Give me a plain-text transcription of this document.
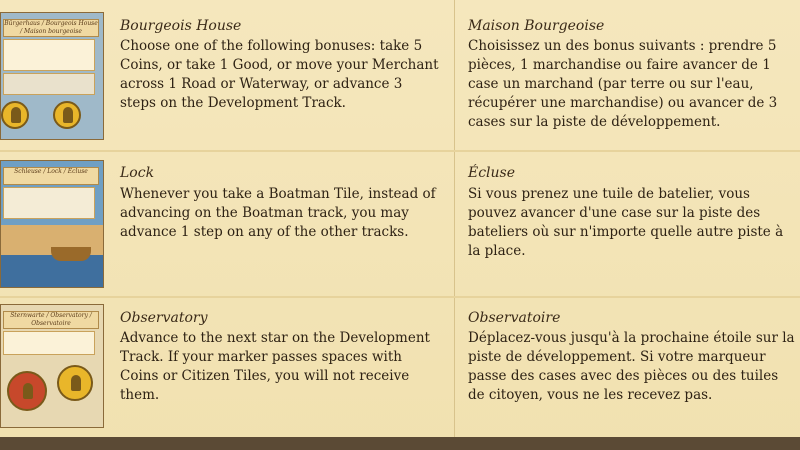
Bürgerhaus / Bourgeois House / Maison bourgeoise	Bourgeois House
Choose one of the following bonuses: take 5 Coins, or take 1 Good, or move your Merchant across 1 Road or Waterway, or advance 3 steps on the Development Track.
Maison Bourgeoise
Choisissez un des bonus suivants : prendre 5 pièces, 1 marchandise ou faire avancer de 1 case un marchand (par terre ou sur l'eau, récupérer une marchandise) ou avancer de 3 cases sur la piste de développement.
Schleuse / Lock / Écluse	Lock
Whenever you take a Boatman Tile, instead of advancing on the Boatman track, you may advance 1 step on any of the other tracks.
Écluse
Si vous prenez une tuile de batelier, vous pouvez avancer d'une case sur la piste des bateliers où sur n'importe quelle autre piste à la place.
Sternwarte / Observatory / Observatoire	Observatory
Advance to the next star on the Development Track. If your marker passes spaces with Coins or Citizen Tiles, you will not receive them.
Observatoire
Déplacez-vous jusqu'à la prochaine étoile sur la piste de développement. Si votre marqueur passe des cases avec des pièces ou des tuiles de citoyen, vous ne les recevez pas.
